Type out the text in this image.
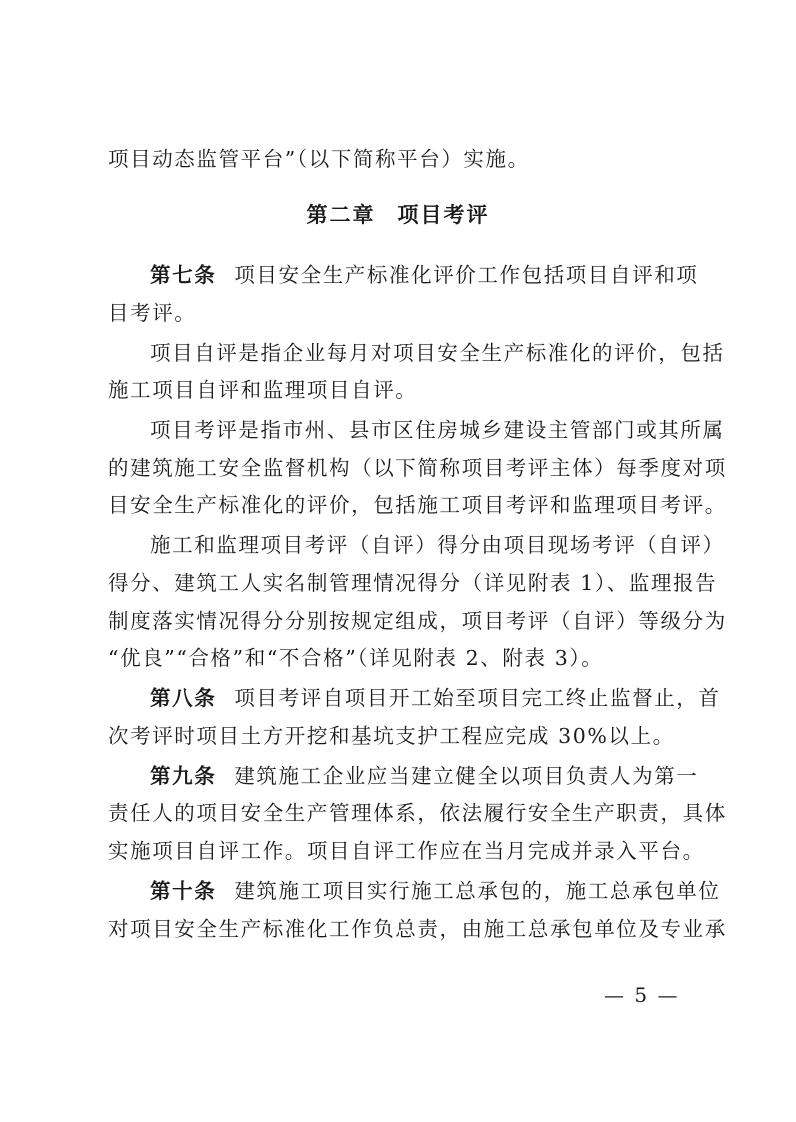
项目动态监管平台”（以下简称平台）实施。
第二章 项目考评
第七条 项目安全生产标准化评价工作包括项目自评和项
目考评。
项目自评是指企业每月对项目安全生产标准化的评价，包括
施工项目自评和监理项目自评。
项目考评是指市州、县市区住房城乡建设主管部门或其所属
的建筑施工安全监督机构（以下简称项目考评主体）每季度对项
目安全生产标准化的评价，包括施工项目考评和监理项目考评。
施工和监理项目考评（自评）得分由项目现场考评（自评）
得分、建筑工人实名制管理情况得分（详见附表 1）、监理报告
制度落实情况得分分别按规定组成，项目考评（自评）等级分为
“优良”“合格”和“不合格”（详见附表 2、附表 3）。
第八条 项目考评自项目开工始至项目完工终止监督止，首
次考评时项目土方开挖和基坑支护工程应完成 30%以上。
第九条 建筑施工企业应当建立健全以项目负责人为第一
责任人的项目安全生产管理体系，依法履行安全生产职责，具体
实施项目自评工作。项目自评工作应在当月完成并录入平台。
第十条 建筑施工项目实行施工总承包的，施工总承包单位
对项目安全生产标准化工作负总责，由施工总承包单位及专业承
— 5 —
